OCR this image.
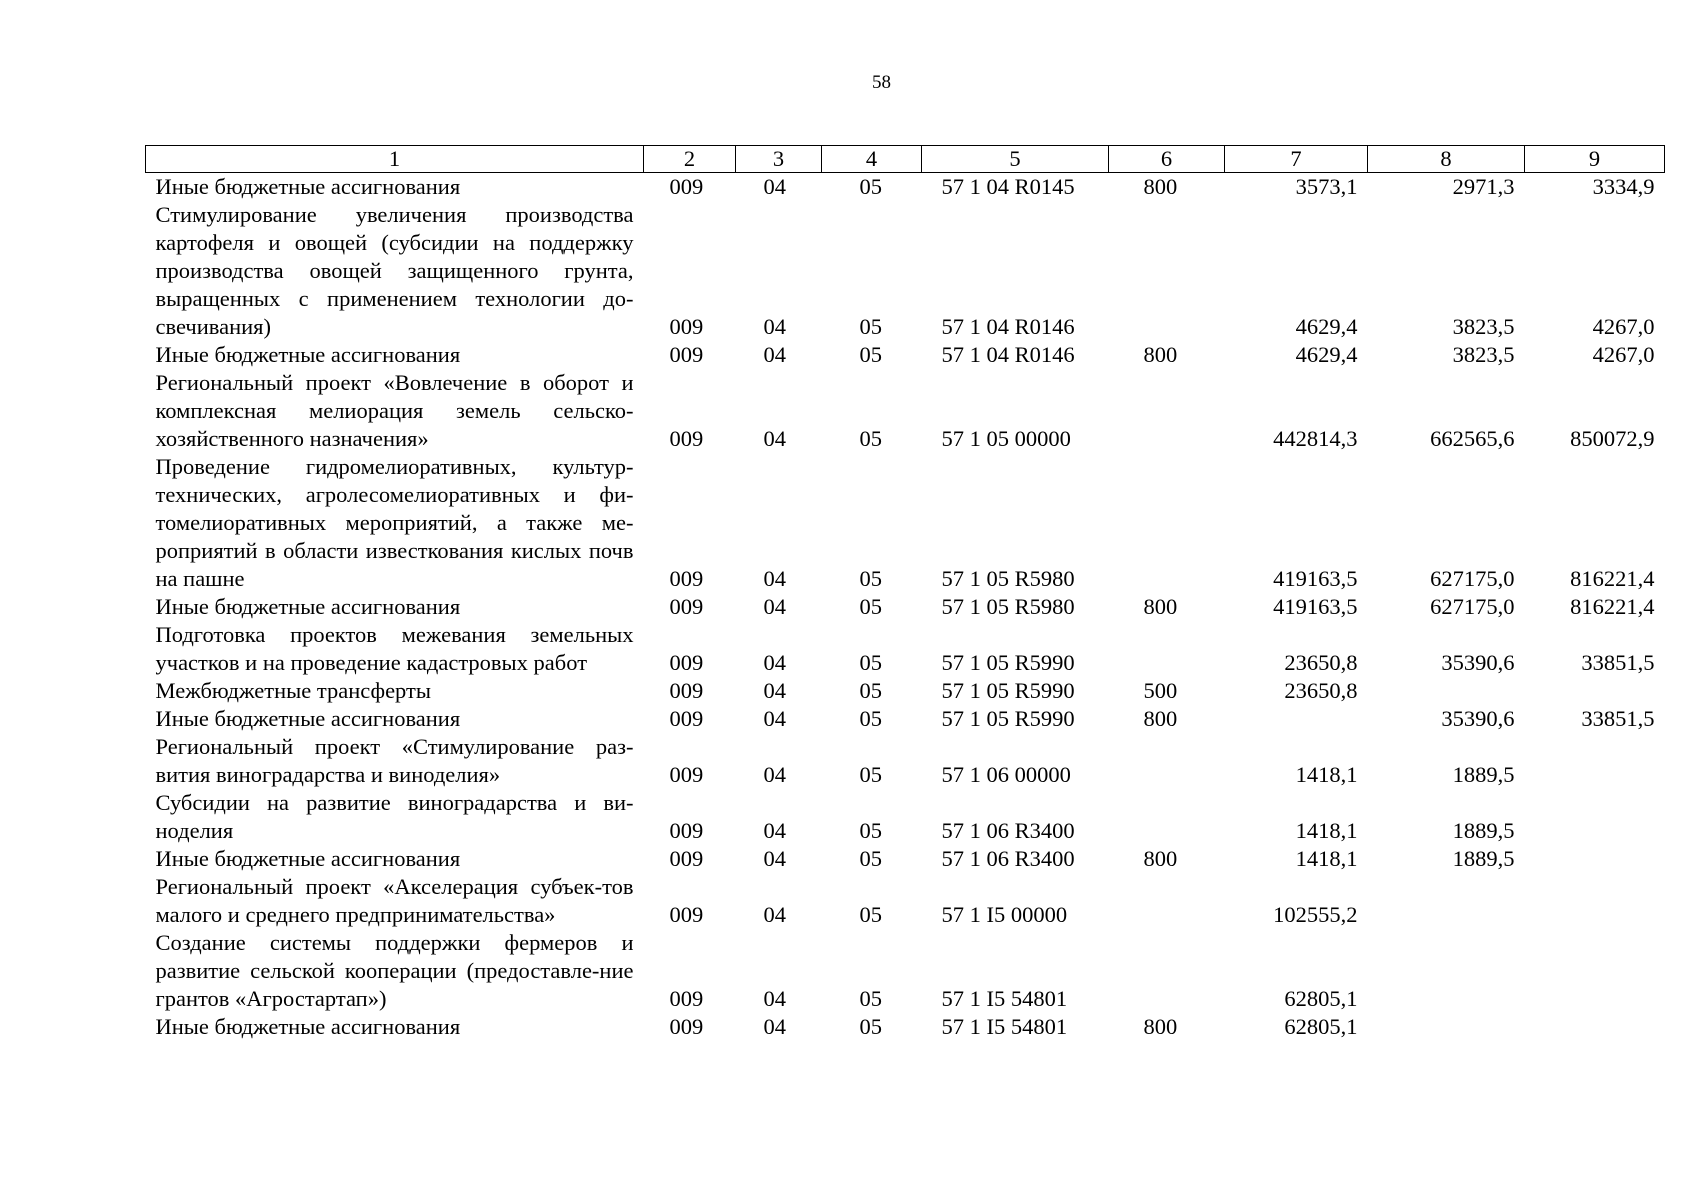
58
1	2	3	4	5	6	7	8	9
Иные бюджетные ассигнования	009	04	05	57 1 04 R0145	800	3573,1	2971,3	3334,9
Стимулирование увеличения производства картофеля и овощей (субсидии на поддержку производства овощей защищенного грунта, выращенных с применением технологии до-свечивания)	009	04	05	57 1 04 R0146		4629,4	3823,5	4267,0
Иные бюджетные ассигнования	009	04	05	57 1 04 R0146	800	4629,4	3823,5	4267,0
Региональный проект «Вовлечение в оборот и комплексная мелиорация земель сельско-хозяйственного назначения»	009	04	05	57 1 05 00000		442814,3	662565,6	850072,9
Проведение гидромелиоративных, культур-технических, агролесомелиоративных и фи-томелиоративных мероприятий, а также ме-роприятий в области известкования кислых почв на пашне	009	04	05	57 1 05 R5980		419163,5	627175,0	816221,4
Иные бюджетные ассигнования	009	04	05	57 1 05 R5980	800	419163,5	627175,0	816221,4
Подготовка проектов межевания земельных участков и на проведение кадастровых работ	009	04	05	57 1 05 R5990		23650,8	35390,6	33851,5
Межбюджетные трансферты	009	04	05	57 1 05 R5990	500	23650,8		
Иные бюджетные ассигнования	009	04	05	57 1 05 R5990	800		35390,6	33851,5
Региональный проект «Стимулирование раз-вития виноградарства и виноделия»	009	04	05	57 1 06 00000		1418,1	1889,5	
Субсидии на развитие виноградарства и ви-ноделия	009	04	05	57 1 06 R3400		1418,1	1889,5	
Иные бюджетные ассигнования	009	04	05	57 1 06 R3400	800	1418,1	1889,5	
Региональный проект «Акселерация субъек-тов малого и среднего предпринимательства»	009	04	05	57 1 I5 00000		102555,2		
Создание системы поддержки фермеров и развитие сельской кооперации (предоставле-ние грантов «Агростартап»)	009	04	05	57 1 I5 54801		62805,1		
Иные бюджетные ассигнования	009	04	05	57 1 I5 54801	800	62805,1		
